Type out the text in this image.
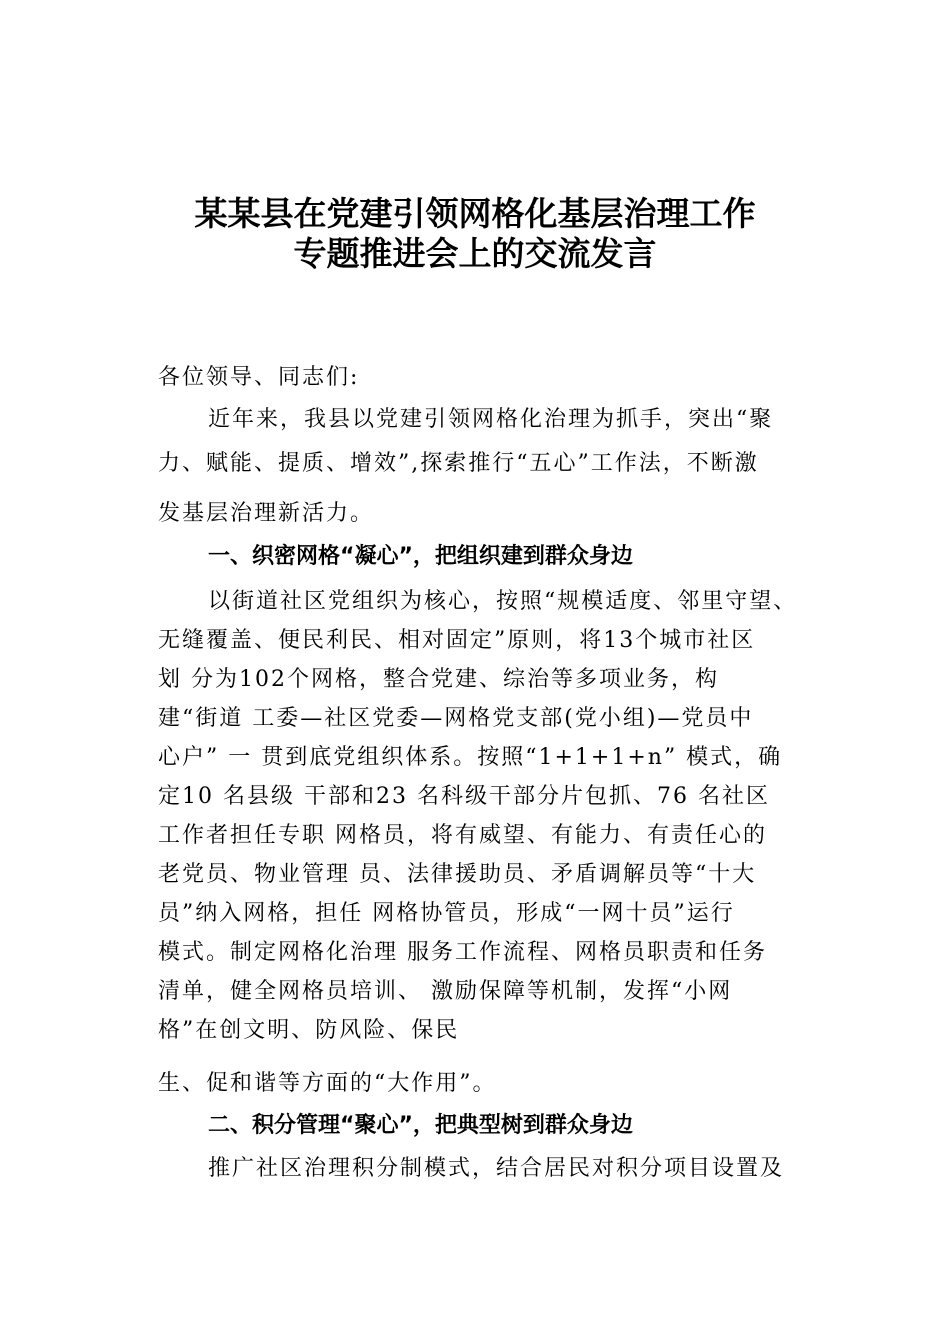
某某县在党建引领网格化基层治理工作
专题推进会上的交流发言
各位领导、同志们:
近年来，我县以党建引领网格化治理为抓手，突出“聚
力、赋能、提质、增效”,探索推行“五心”工作法，不断激
发基层治理新活力。
一、织密网格“凝心”，把组织建到群众身边
以街道社区党组织为核心，按照“规模适度、邻里守望、
无缝覆盖、便民利民、相对固定”原则，将13个城市社区
划 分为102个网格，整合党建、综治等多项业务，构
建“街道 工委—社区党委—网格党支部(党小组)—党员中
心户” 一 贯到底党组织体系。按照“1+1+1+n” 模式，确
定10 名县级 干部和23 名科级干部分片包抓、76 名社区
工作者担任专职 网格员，将有威望、有能力、有责任心的
老党员、物业管理 员、法律援助员、矛盾调解员等“十大
员”纳入网格，担任 网格协管员，形成“一网十员”运行
模式。制定网格化治理 服务工作流程、网格员职责和任务
清单，健全网格员培训、 激励保障等机制，发挥“小网
格”在创文明、防风险、保民
生、促和谐等方面的“大作用”。
二、积分管理“聚心”，把典型树到群众身边
推广社区治理积分制模式，结合居民对积分项目设置及
